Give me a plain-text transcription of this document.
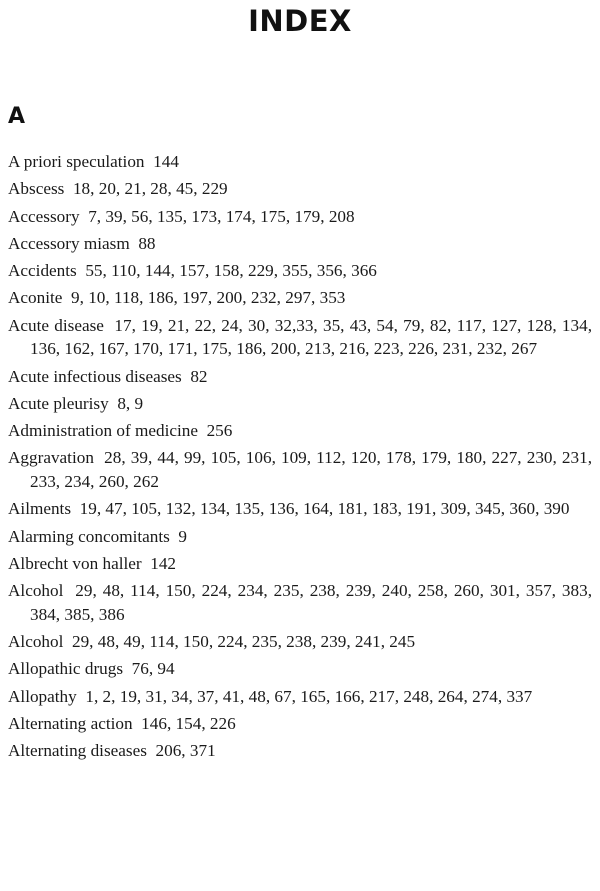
INDEX
A
A priori speculation 144
Abscess 18, 20, 21, 28, 45, 229
Accessory 7, 39, 56, 135, 173, 174, 175, 179, 208
Accessory miasm 88
Accidents 55, 110, 144, 157, 158, 229, 355, 356, 366
Aconite 9, 10, 118, 186, 197, 200, 232, 297, 353
Acute disease 17, 19, 21, 22, 24, 30, 32,33, 35, 43, 54, 79, 82, 117, 127, 128, 134, 136, 162, 167, 170, 171, 175, 186, 200, 213, 216, 223, 226, 231, 232, 267
Acute infectious diseases 82
Acute pleurisy 8, 9
Administration of medicine 256
Aggravation 28, 39, 44, 99, 105, 106, 109, 112, 120, 178, 179, 180, 227, 230, 231, 233, 234, 260, 262
Ailments 19, 47, 105, 132, 134, 135, 136, 164, 181, 183, 191, 309, 345, 360, 390
Alarming concomitants 9
Albrecht von haller 142
Alcohol 29, 48, 114, 150, 224, 234, 235, 238, 239, 240, 258, 260, 301, 357, 383, 384, 385, 386
Alcohol 29, 48, 49, 114, 150, 224, 235, 238, 239, 241, 245
Allopathic drugs 76, 94
Allopathy 1, 2, 19, 31, 34, 37, 41, 48, 67, 165, 166, 217, 248, 264, 274, 337
Alternating action 146, 154, 226
Alternating diseases 206, 371
